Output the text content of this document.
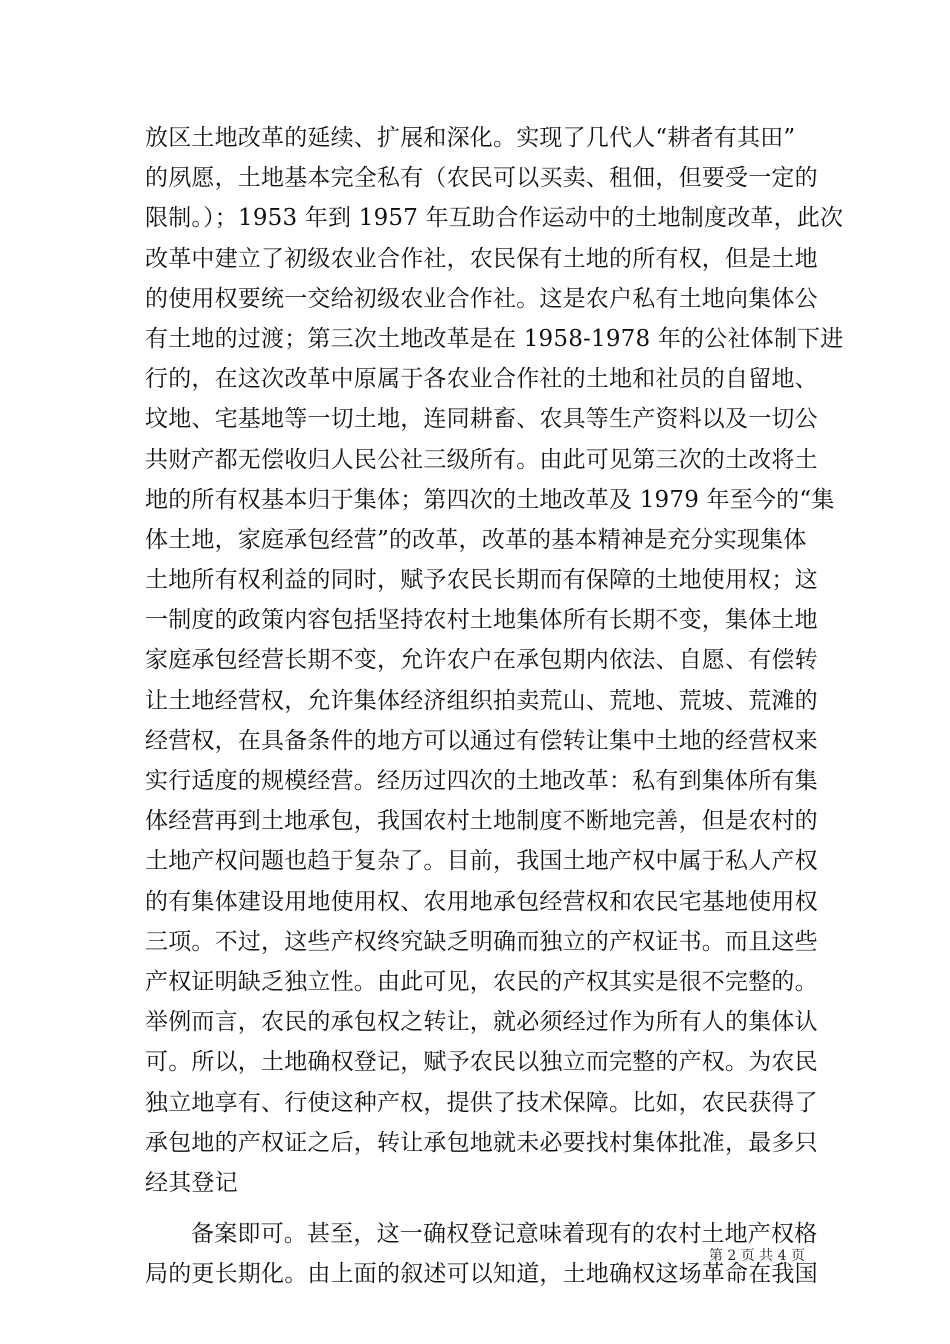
放区土地改革的延续、扩展和深化。实现了几代人“耕者有其田”
的夙愿，土地基本完全私有（农民可以买卖、租佃，但要受一定的
限制。）；1953 年到 1957 年互助合作运动中的土地制度改革，此次
改革中建立了初级农业合作社，农民保有土地的所有权，但是土地
的使用权要统一交给初级农业合作社。这是农户私有土地向集体公
有土地的过渡；第三次土地改革是在 1958-1978 年的公社体制下进
行的，在这次改革中原属于各农业合作社的土地和社员的自留地、
坟地、宅基地等一切土地，连同耕畜、农具等生产资料以及一切公
共财产都无偿收归人民公社三级所有。由此可见第三次的土改将土
地的所有权基本归于集体；第四次的土地改革及 1979 年至今的“集
体土地，家庭承包经营”的改革，改革的基本精神是充分实现集体
土地所有权利益的同时，赋予农民长期而有保障的土地使用权；这
一制度的政策内容包括坚持农村土地集体所有长期不变，集体土地
家庭承包经营长期不变，允许农户在承包期内依法、自愿、有偿转
让土地经营权，允许集体经济组织拍卖荒山、荒地、荒坡、荒滩的
经营权，在具备条件的地方可以通过有偿转让集中土地的经营权来
实行适度的规模经营。经历过四次的土地改革：私有到集体所有集
体经营再到土地承包，我国农村土地制度不断地完善，但是农村的
土地产权问题也趋于复杂了。目前，我国土地产权中属于私人产权
的有集体建设用地使用权、农用地承包经营权和农民宅基地使用权
三项。不过，这些产权终究缺乏明确而独立的产权证书。而且这些
产权证明缺乏独立性。由此可见，农民的产权其实是很不完整的。
举例而言，农民的承包权之转让，就必须经过作为所有人的集体认
可。所以，土地确权登记，赋予农民以独立而完整的产权。为农民
独立地享有、行使这种产权，提供了技术保障。比如，农民获得了
承包地的产权证之后，转让承包地就未必要找村集体批准，最多只
经其登记
备案即可。甚至，这一确权登记意味着现有的农村土地产权格
局的更长期化。由上面的叙述可以知道，土地确权这场革命在我国
第 2 页 共 4 页
